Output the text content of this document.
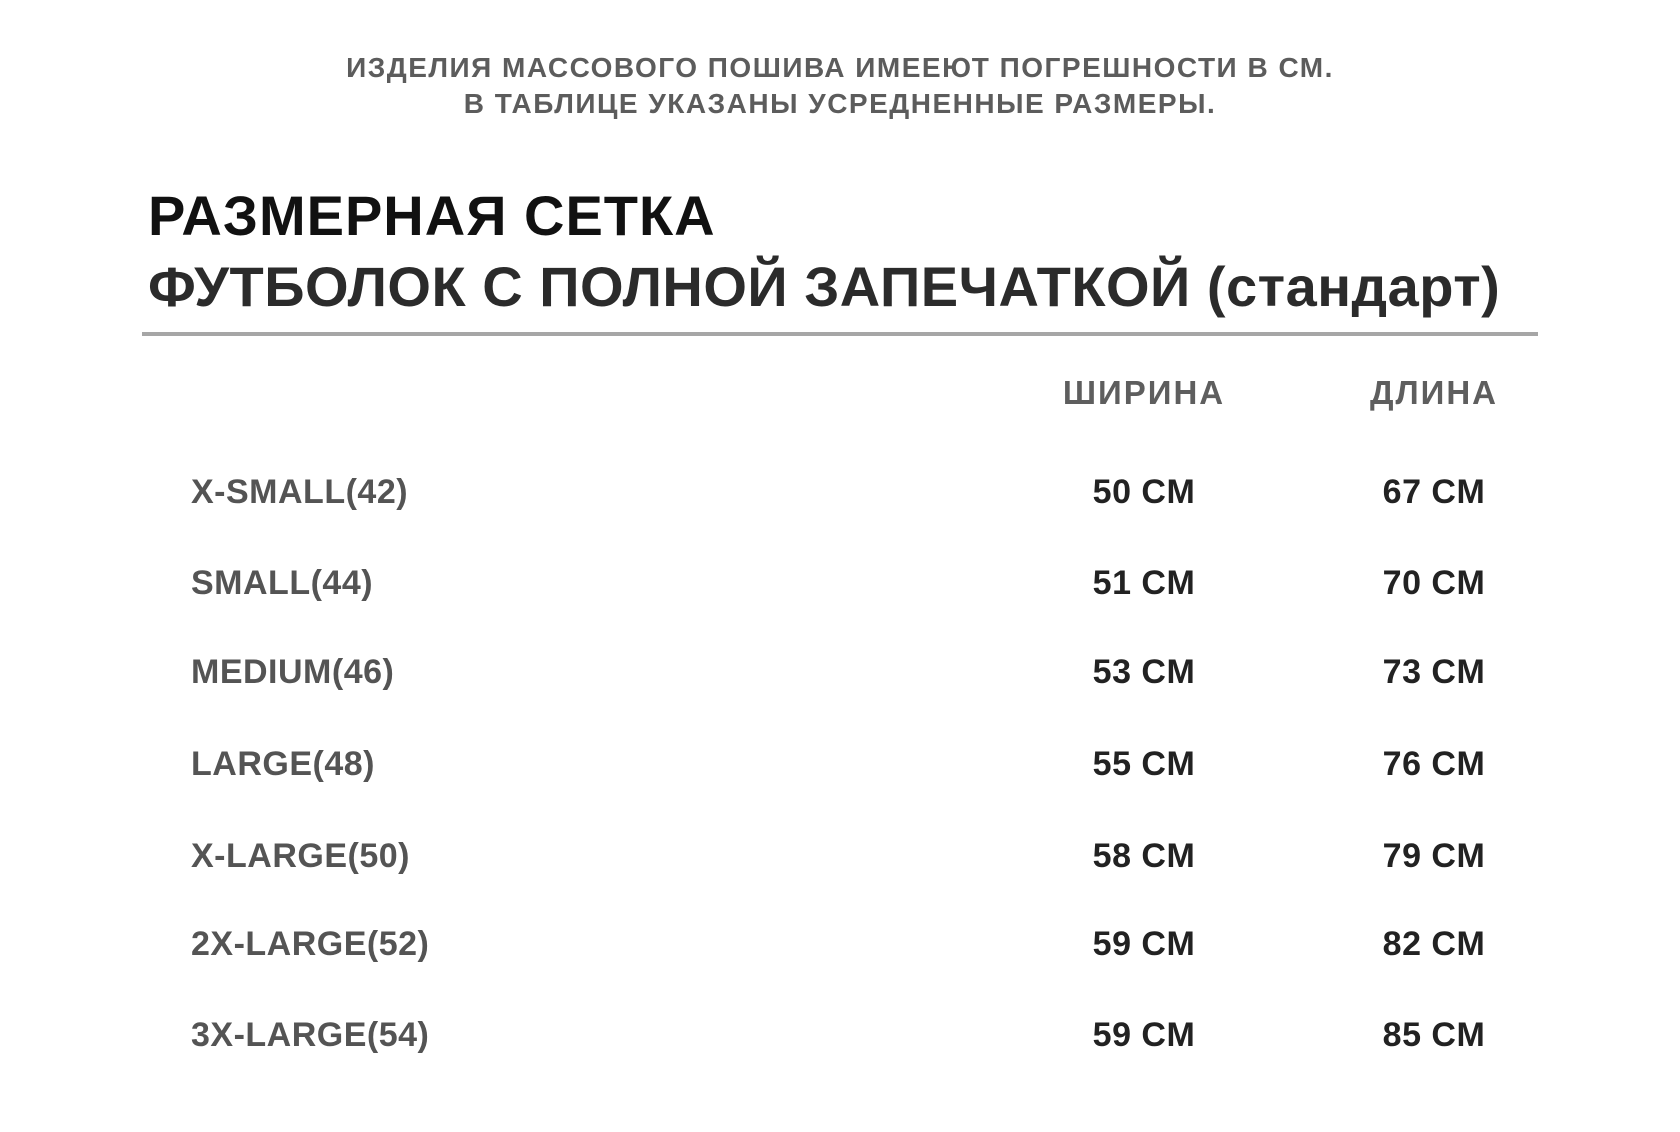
ИЗДЕЛИЯ МАССОВОГО ПОШИВА ИМЕЕЮТ ПОГРЕШНОСТИ В СМ.
В ТАБЛИЦЕ УКАЗАНЫ УСРЕДНЕННЫЕ РАЗМЕРЫ.
РАЗМЕРНАЯ СЕТКА
ФУТБОЛОК С ПОЛНОЙ ЗАПЕЧАТКОЙ (стандарт)
ШИРИНА	ДЛИНА
X-SMALL(42)	50 CM	67 CM
SMALL(44)	51 CM	70 CM
MEDIUM(46)	53 CM	73 CM
LARGE(48)	55 CM	76 CM
X-LARGE(50)	58 CM	79 CM
2X-LARGE(52)	59 CM	82 CM
3X-LARGE(54)	59 CM	85 CM
